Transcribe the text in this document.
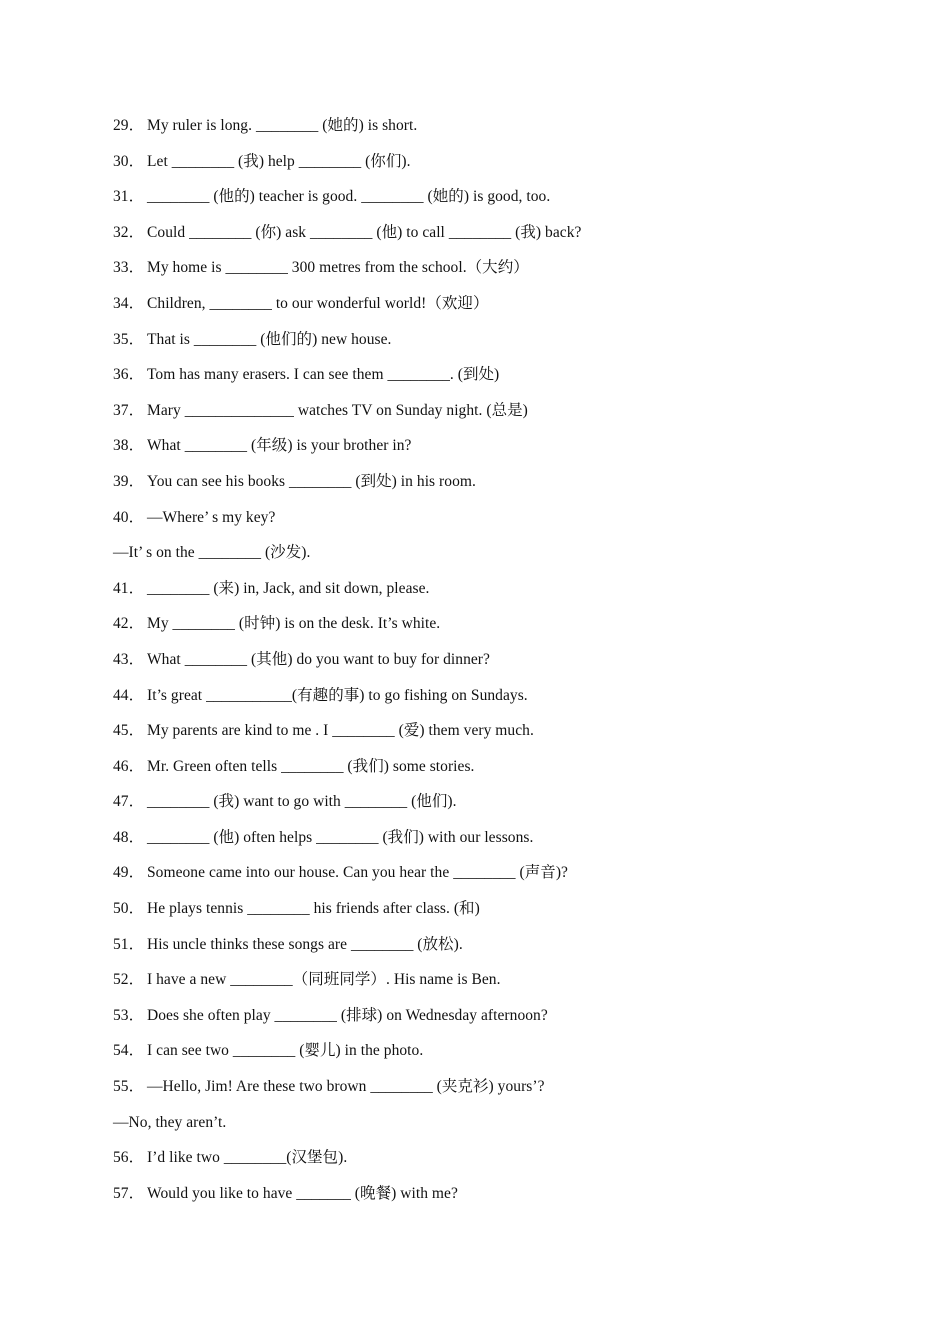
29． My ruler is long. ________ (她的) is short.
30． Let ________ (我) help ________ (你们).
31． ________ (他的) teacher is good. ________ (她的) is good, too.
32． Could ________ (你) ask ________ (他) to call ________ (我) back?
33． My home is ________ 300 metres from the school.（大约）
34． Children, ________ to our wonderful world!（欢迎）
35． That is ________ (他们的) new house.
36． Tom has many erasers. I can see them ________. (到处)
37． Mary ______________ watches TV on Sunday night. (总是)
38． What ________ (年级) is your brother in?
39． You can see his books ________ (到处) in his room.
40． —Where’ s my key?
—It’ s on the ________ (沙发).
41． ________ (来) in, Jack, and sit down, please.
42． My ________ (时钟) is on the desk. It’s white.
43． What ________ (其他) do you want to buy for dinner?
44． It’s great ___________(有趣的事) to go fishing on Sundays.
45． My parents are kind to me . I ________ (爱) them very much.
46． Mr. Green often tells ________ (我们) some stories.
47． ________ (我) want to go with ________ (他们).
48． ________ (他) often helps ________ (我们) with our lessons.
49． Someone came into our house. Can you hear the ________ (声音)?
50． He plays tennis ________ his friends after class. (和)
51． His uncle thinks these songs are ________ (放松).
52． I have a new ________（同班同学）. His name is Ben.
53． Does she often play ________ (排球) on Wednesday afternoon?
54． I can see two ________ (婴儿) in the photo.
55． —Hello, Jim! Are these two brown ________ (夹克衫) yours’?
—No, they aren’t.
56． I’d like two ________(汉堡包).
57． Would you like to have _______ (晚餐) with me?
